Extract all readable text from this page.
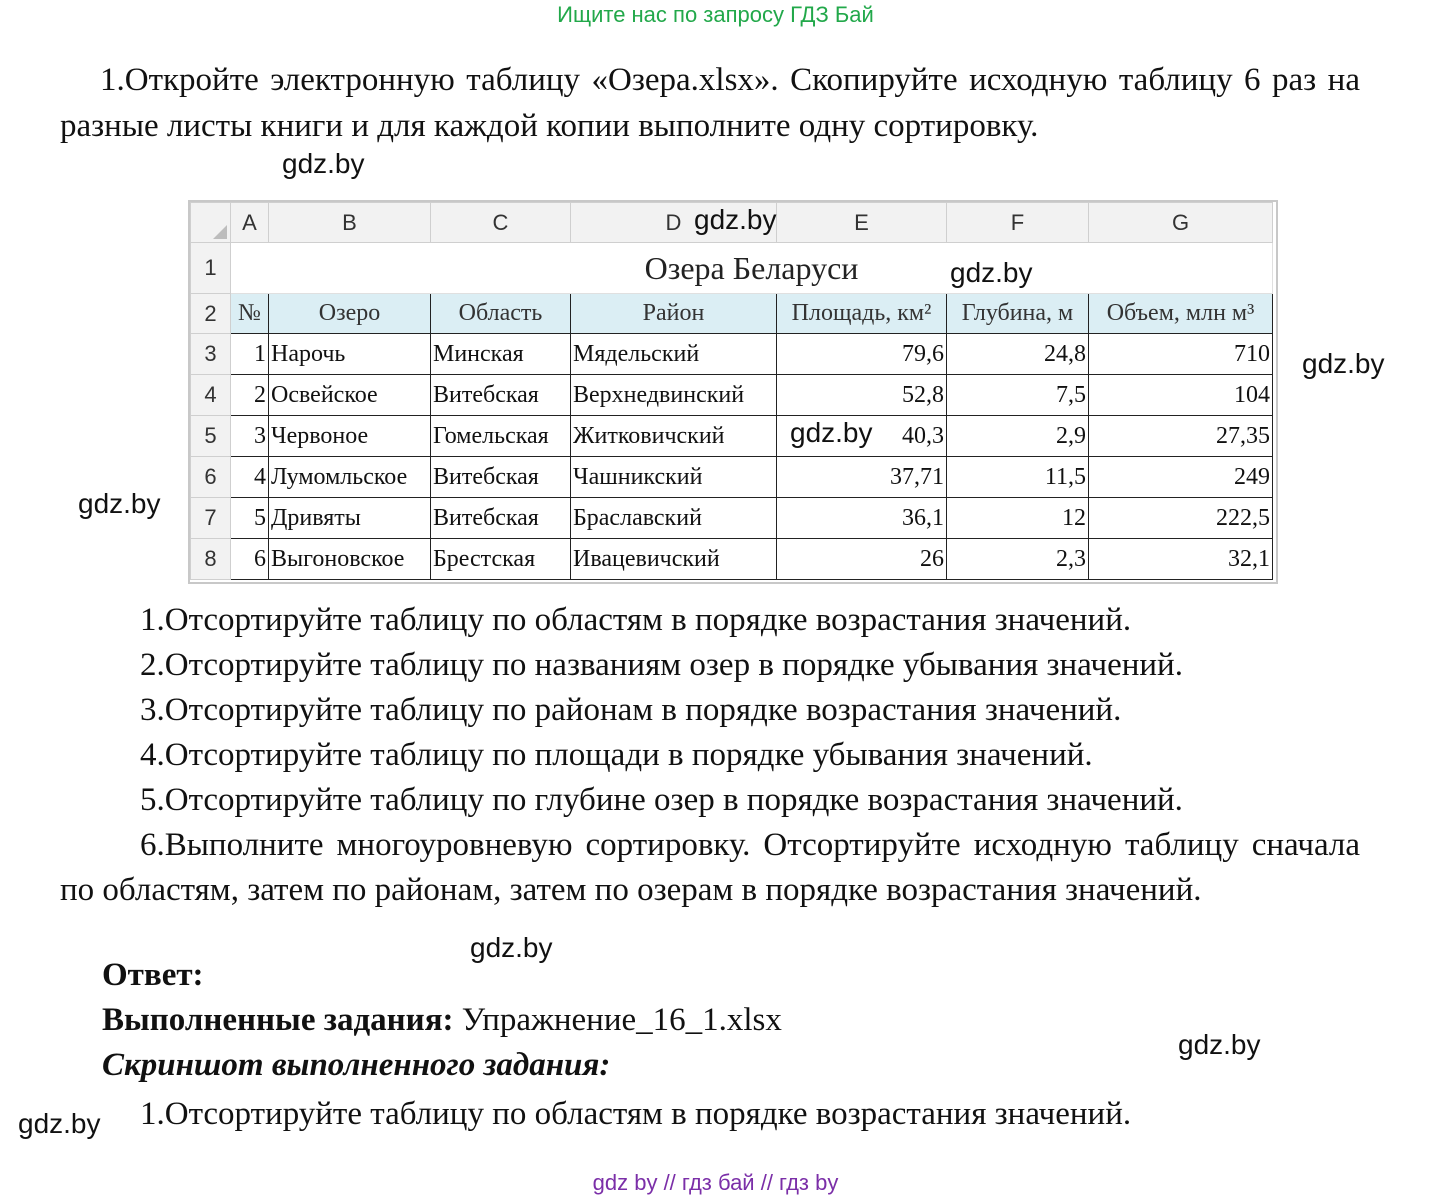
Ищите нас по запросу ГДЗ Бай
1.Откройте электронную таблицу «Озера.xlsx». Скопируйте исходную таблицу 6 раз на разные листы книги и для каждой копии выполните одну сортировку.
gdz.by
	A	B	C	D	E	F	G
1	Озера Беларуси						
2	№	Озеро	Область	Район	Площадь, км²	Глубина, м	Объем, млн м³
3	1	Нарочь	Минская	Мядельский	79,6	24,8	710
4	2	Освейское	Витебская	Верхнедвинский	52,8	7,5	104
5	3	Червоное	Гомельская	Житковичский	40,3	2,9	27,35
6	4	Лумомльское	Витебская	Чашникский	37,71	11,5	249
7	5	Дривяты	Витебская	Браславский	36,1	12	222,5
8	6	Выгоновское	Брестская	Ивацевичский	26	2,3	32,1
gdz.by
gdz.by
gdz.by
gdz.by
gdz.by
1.Отсортируйте таблицу по областям в порядке возрастания значений.
2.Отсортируйте таблицу по названиям озер в порядке убывания значений.
3.Отсортируйте таблицу по районам в порядке возрастания значений.
4.Отсортируйте таблицу по площади в порядке убывания значений.
5.Отсортируйте таблицу по глубине озер в порядке возрастания значений.
6.Выполните многоуровневую сортировку. Отсортируйте исходную таблицу сначала по областям, затем по районам, затем по озерам в порядке возрастания значений.
gdz.by
Ответ:
Выполненные задания: Упражнение_16_1.xlsx
Скриншот выполненного задания:
gdz.by
gdz.by	1.Отсортируйте таблицу по областям в порядке возрастания значений.
gdz by // гдз бай // гдз by
